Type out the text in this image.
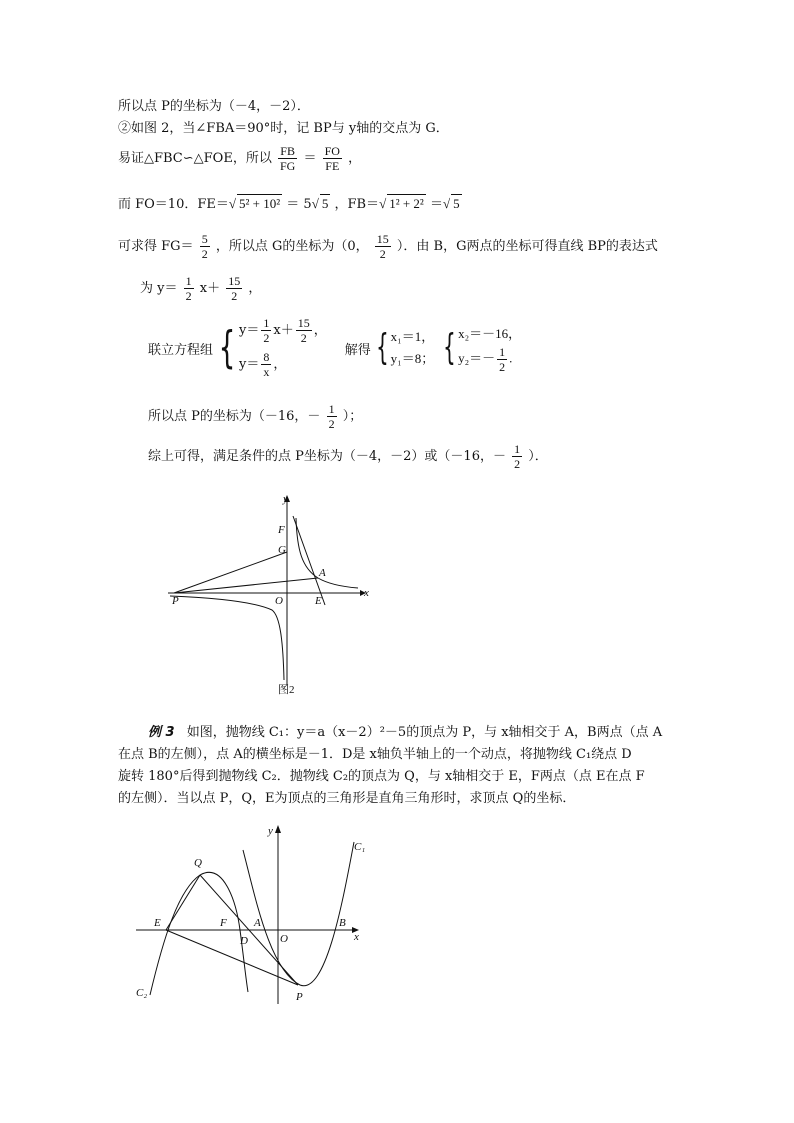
所以点 P的坐标为（－4，－2）．
②如图 2，当∠FBA＝90°时，记 BP与 y轴的交点为 G．
易证△FBC∽△FOE，所以 $\frac{FB}{FG} = \frac{FO}{FE}$ ，
而 FO＝10．FE＝√ 5² + 10² ＝ 5√ 5 ，FB＝√ 1² + 2² ＝√ 5
可求得 $FG= \frac{5}{2}$ ，所以点 G的坐标为（0， $\frac{15}{2}$ ）．由 B，G两点的坐标可得直线 BP的表达式
为 $y= \frac{1}{2} x+ \frac{15}{2}$ ，
联立方程组 { $y= \frac{1}{2} x+ \frac{15}{2}$ ，
$y= \frac{8}{x}$ ，
解得 { x₁＝1，
y₁＝8； { x₂＝－16，
$y_2=- \frac{1}{2}$ .
所以点 P的坐标为（－16，－ $\frac{1}{2}$ ）；
综上可得，满足条件的点 P坐标为（－4，－2）或（－16，－ $\frac{1}{2}$ ）．
y
x
F
G
A
P	O	E
图2
例 3 如图，抛物线 C₁：y＝a（x－2）²－5的顶点为 P，与 x轴相交于 A，B两点（点 A
在点 B的左侧），点 A的横坐标是－1．D是 x轴负半轴上的一个动点，将抛物线 C₁绕点 D
旋转 180°后得到抛物线 C₂．抛物线 C₂的顶点为 Q，与 x轴相交于 E，F两点（点 E在点 F
的左侧）．当以点 P，Q，E为顶点的三角形是直角三角形时，求顶点 Q的坐标．
y
x
Q
C₁
C₂
E	F A
D	O
B
P
